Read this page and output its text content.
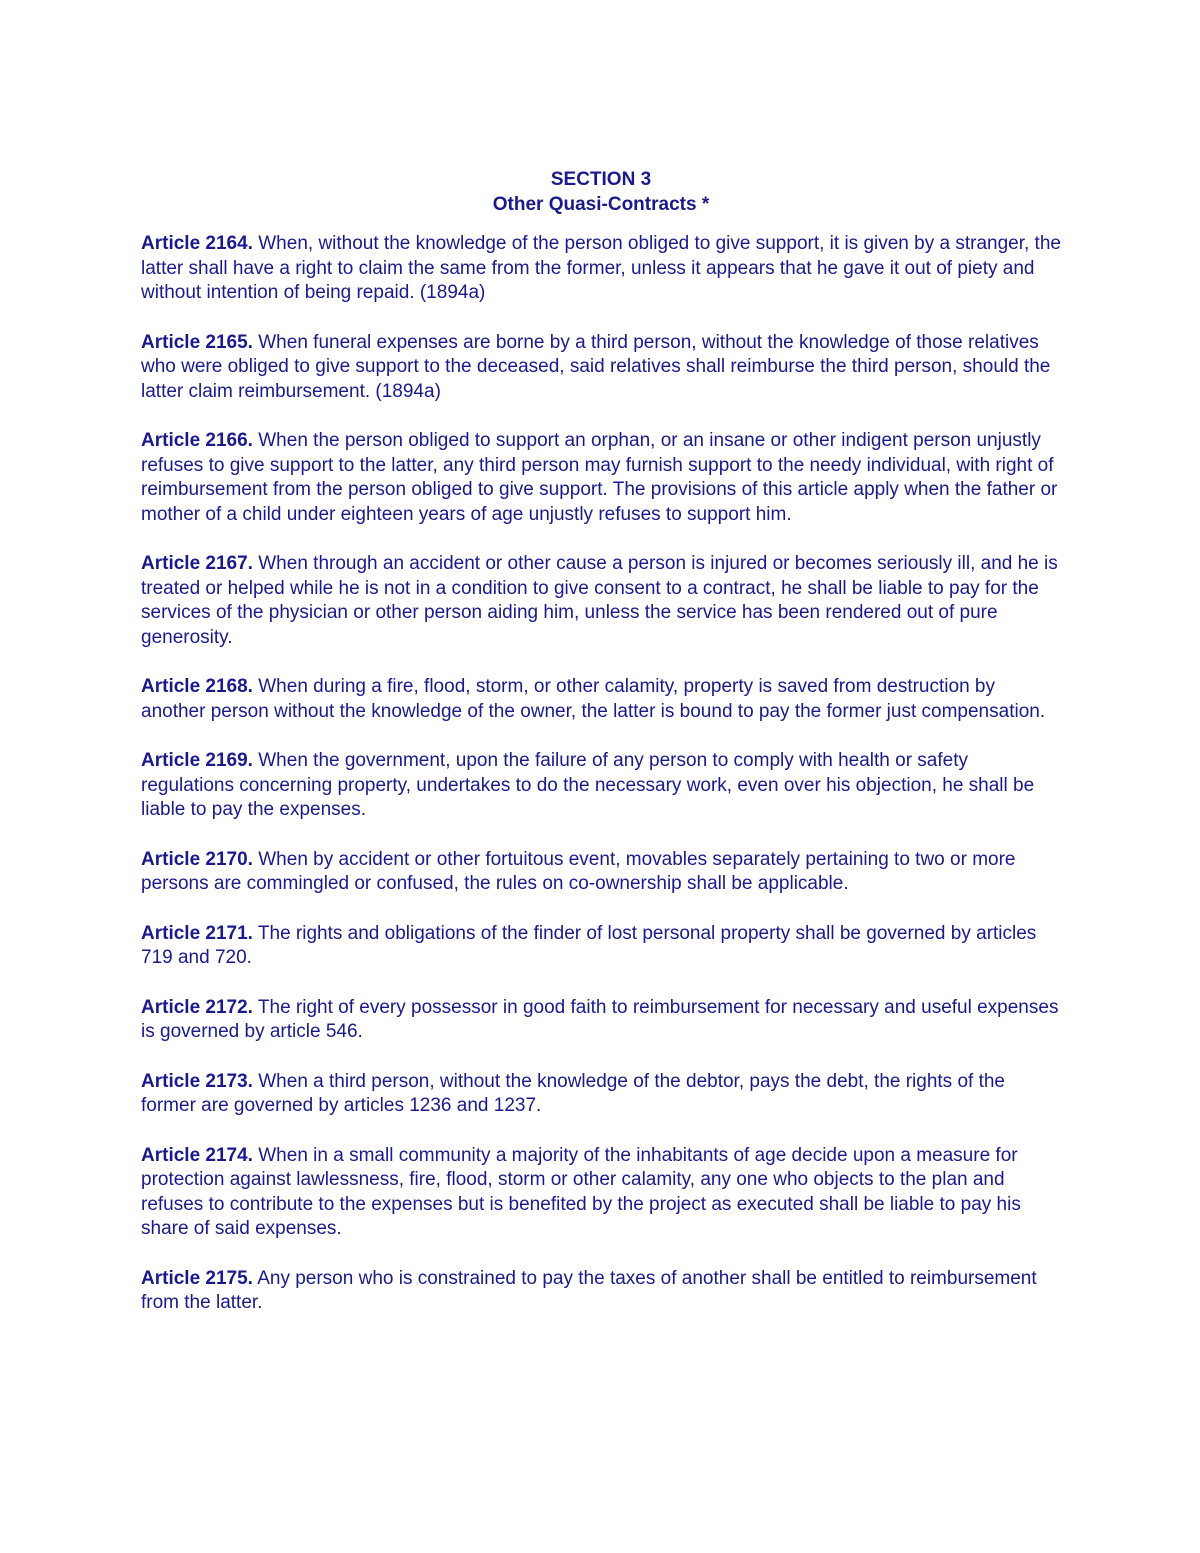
SECTION 3
Other Quasi-Contracts *

Article 2164. When, without the knowledge of the person obliged to give support, it is given by a stranger, the latter shall have a right to claim the same from the former, unless it appears that he gave it out of piety and without intention of being repaid. (1894a)

Article 2165. When funeral expenses are borne by a third person, without the knowledge of those relatives who were obliged to give support to the deceased, said relatives shall reimburse the third person, should the latter claim reimbursement. (1894a)

Article 2166. When the person obliged to support an orphan, or an insane or other indigent person unjustly refuses to give support to the latter, any third person may furnish support to the needy individual, with right of reimbursement from the person obliged to give support. The provisions of this article apply when the father or mother of a child under eighteen years of age unjustly refuses to support him.

Article 2167. When through an accident or other cause a person is injured or becomes seriously ill, and he is treated or helped while he is not in a condition to give consent to a contract, he shall be liable to pay for the services of the physician or other person aiding him, unless the service has been rendered out of pure generosity.

Article 2168. When during a fire, flood, storm, or other calamity, property is saved from destruction by another person without the knowledge of the owner, the latter is bound to pay the former just compensation.

Article 2169. When the government, upon the failure of any person to comply with health or safety regulations concerning property, undertakes to do the necessary work, even over his objection, he shall be liable to pay the expenses.

Article 2170. When by accident or other fortuitous event, movables separately pertaining to two or more persons are commingled or confused, the rules on co-ownership shall be applicable.

Article 2171. The rights and obligations of the finder of lost personal property shall be governed by articles 719 and 720.

Article 2172. The right of every possessor in good faith to reimbursement for necessary and useful expenses is governed by article 546.

Article 2173. When a third person, without the knowledge of the debtor, pays the debt, the rights of the former are governed by articles 1236 and 1237.

Article 2174. When in a small community a majority of the inhabitants of age decide upon a measure for protection against lawlessness, fire, flood, storm or other calamity, any one who objects to the plan and refuses to contribute to the expenses but is benefited by the project as executed shall be liable to pay his share of said expenses.

Article 2175. Any person who is constrained to pay the taxes of another shall be entitled to reimbursement from the latter.
